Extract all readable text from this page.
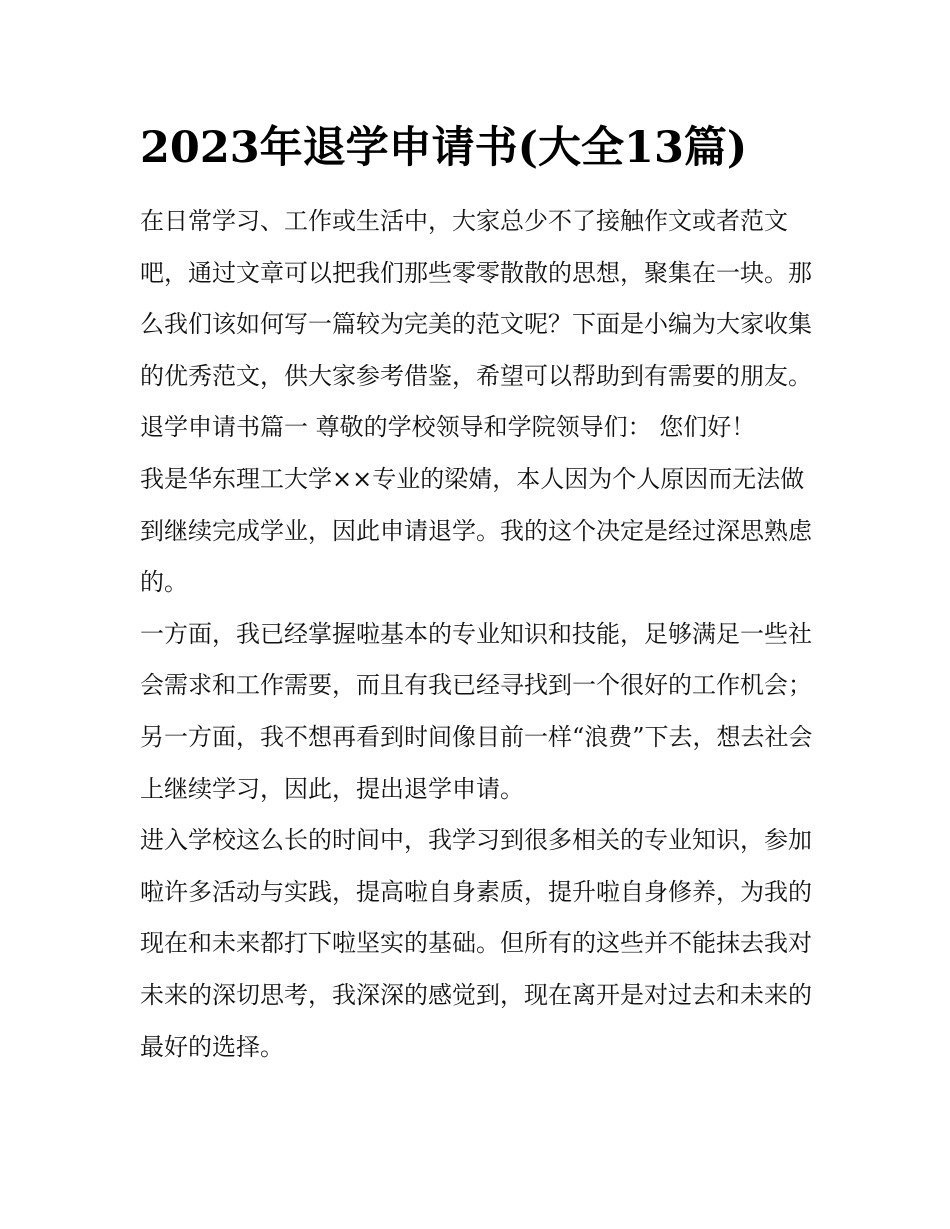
2023年退学申请书(大全13篇)

在日常学习、工作或生活中，大家总少不了接触作文或者范文吧，通过文章可以把我们那些零零散散的思想，聚集在一块。那么我们该如何写一篇较为完美的范文呢？下面是小编为大家收集的优秀范文，供大家参考借鉴，希望可以帮助到有需要的朋友。

退学申请书篇一 尊敬的学校领导和学院领导们： 您们好！

我是华东理工大学××专业的梁婧，本人因为个人原因而无法做到继续完成学业，因此申请退学。我的这个决定是经过深思熟虑的。

一方面，我已经掌握啦基本的专业知识和技能，足够满足一些社会需求和工作需要，而且有我已经寻找到一个很好的工作机会；另一方面，我不想再看到时间像目前一样“浪费”下去，想去社会上继续学习，因此，提出退学申请。

进入学校这么长的时间中，我学习到很多相关的专业知识，参加啦许多活动与实践，提高啦自身素质，提升啦自身修养，为我的现在和未来都打下啦坚实的基础。但所有的这些并不能抹去我对未来的深切思考，我深深的感觉到，现在离开是对过去和未来的最好的选择。
